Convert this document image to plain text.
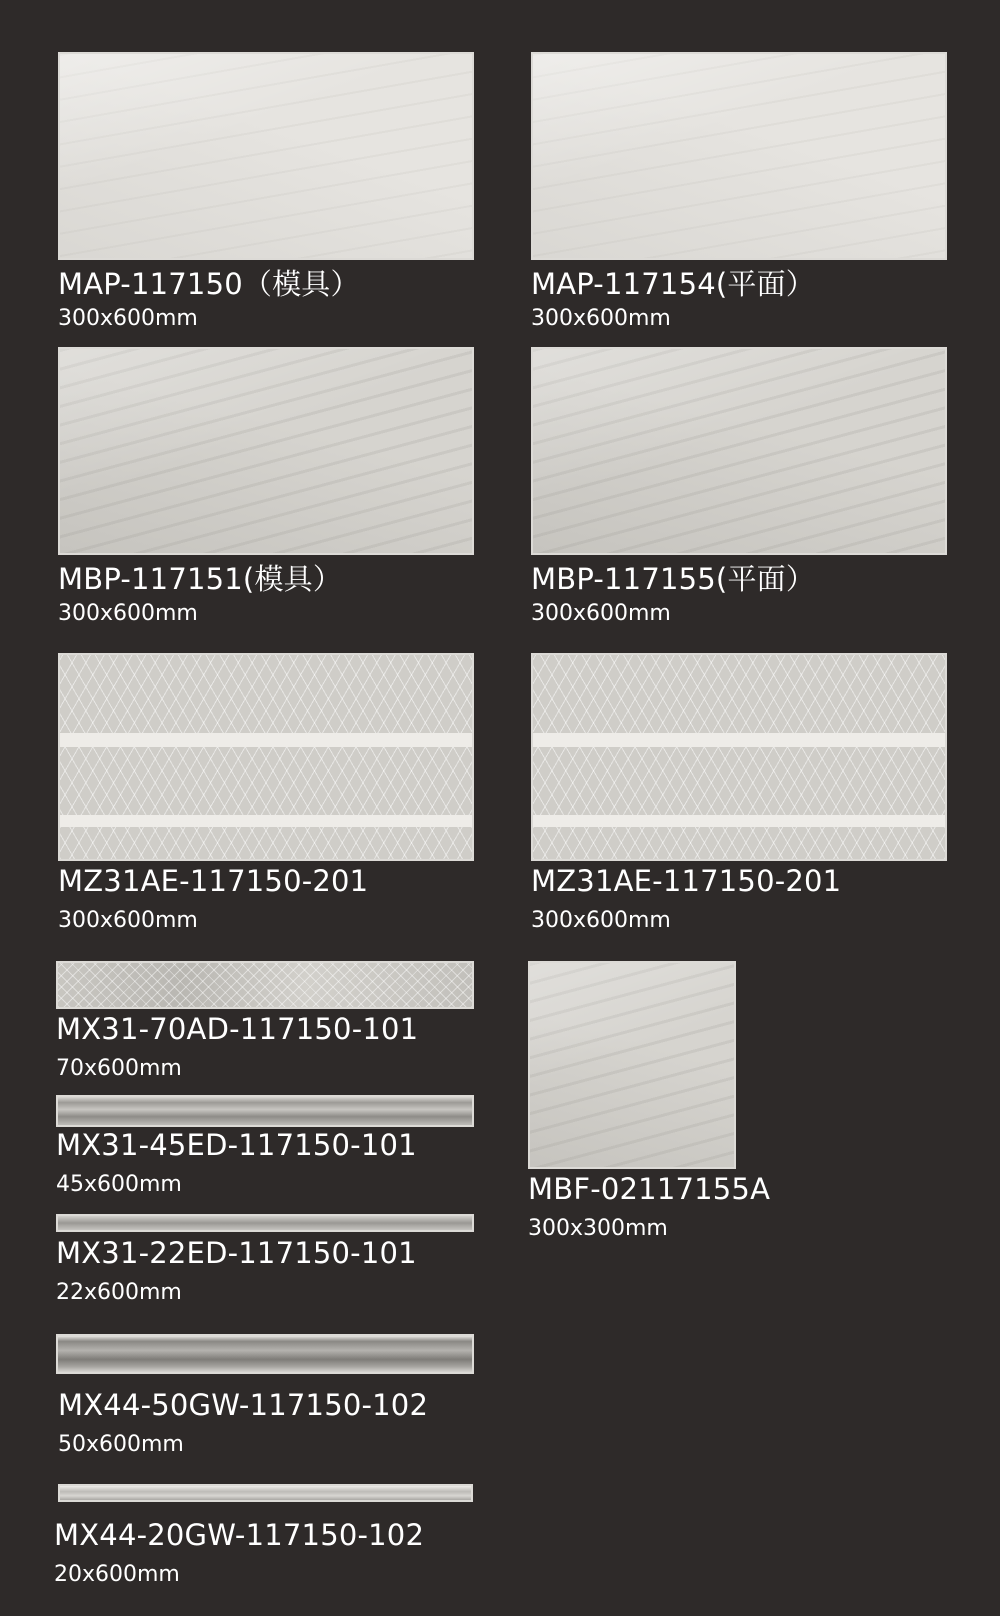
MAP-117150（模具）
300x600mm
MAP-117154(平面）
300x600mm
MBP-117151(模具）
300x600mm
MBP-117155(平面）
300x600mm
MZ31AE-117150-201
300x600mm
MZ31AE-117150-201
300x600mm
MX31-70AD-117150-101
70x600mm
MBF-02117155A
300x300mm
MX31-45ED-117150-101
45x600mm
MX31-22ED-117150-101
22x600mm
MX44-50GW-117150-102
50x600mm
MX44-20GW-117150-102
20x600mm
